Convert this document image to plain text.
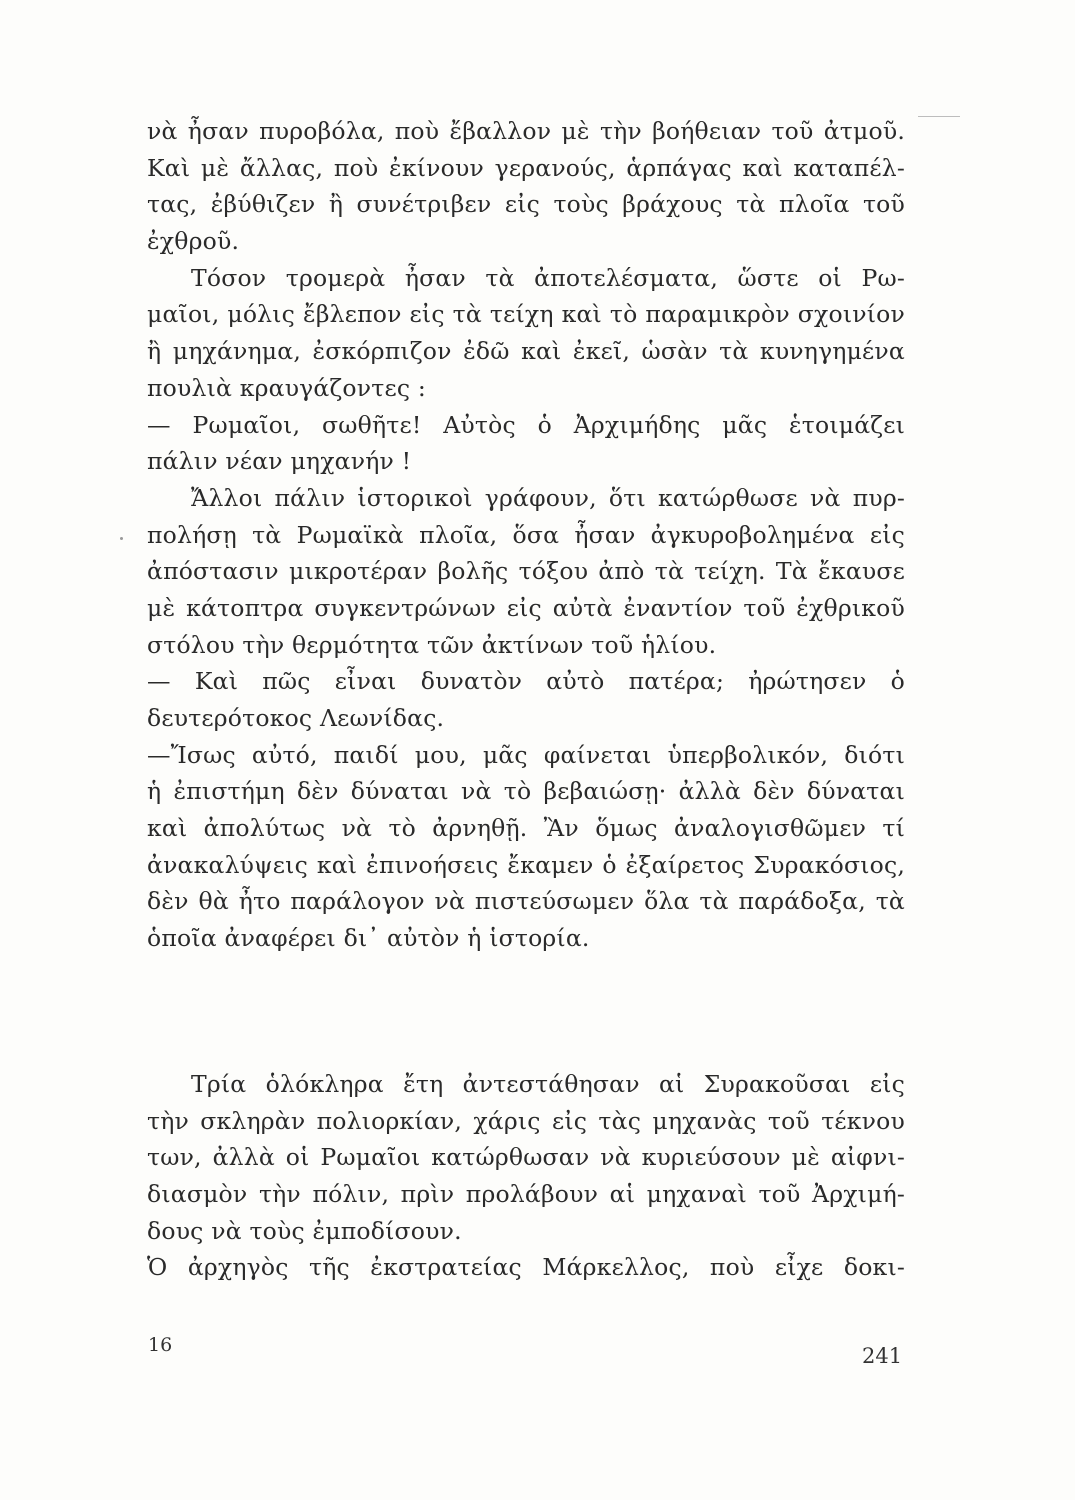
νὰ ἦσαν πυροβόλα, ποὺ ἔβαλλον μὲ τὴν βοήθειαν τοῦ ἀτμοῦ.
Καὶ μὲ ἄλλας, ποὺ ἐκίνουν γερανούς, ἁρπάγας καὶ καταπέλ-
τας, ἐβύθιζεν ἢ συνέτριβεν εἰς τοὺς βράχους τὰ πλοῖα τοῦ
ἐχθροῦ.
Τόσον τρομερὰ ἦσαν τὰ ἀποτελέσματα, ὥστε οἱ Ρω-
μαῖοι, μόλις ἔβλεπον εἰς τὰ τείχη καὶ τὸ παραμικρὸν σχοινίον
ἢ μηχάνημα, ἐσκόρπιζον ἐδῶ καὶ ἐκεῖ, ὡσὰν τὰ κυνηγημένα
πουλιὰ κραυγάζοντες :
— Ρωμαῖοι, σωθῆτε! Αὐτὸς ὁ Ἀρχιμήδης μᾶς ἑτοιμάζει
πάλιν νέαν μηχανήν !
Ἄλλοι πάλιν ἱστορικοὶ γράφουν, ὅτι κατώρθωσε νὰ πυρ-
πολήσῃ τὰ Ρωμαϊκὰ πλοῖα, ὅσα ἦσαν ἀγκυροβολημένα εἰς
ἀπόστασιν μικροτέραν βολῆς τόξου ἀπὸ τὰ τείχη. Τὰ ἔκαυσε
μὲ κάτοπτρα συγκεντρώνων εἰς αὐτὰ ἐναντίον τοῦ ἐχθρικοῦ
στόλου τὴν θερμότητα τῶν ἀκτίνων τοῦ ἡλίου.
— Καὶ πῶς εἶναι δυνατὸν αὐτὸ πατέρα; ἠρώτησεν ὁ
δευτερότοκος Λεωνίδας.
—Ἴσως αὐτό, παιδί μου, μᾶς φαίνεται ὑπερβολικόν, διότι
ἡ ἐπιστήμη δὲν δύναται νὰ τὸ βεβαιώσῃ· ἀλλὰ δὲν δύναται
καὶ ἀπολύτως νὰ τὸ ἀρνηθῇ. Ἂν ὅμως ἀναλογισθῶμεν τί
ἀνακαλύψεις καὶ ἐπινοήσεις ἔκαμεν ὁ ἐξαίρετος Συρακόσιος,
δὲν θὰ ἦτο παράλογον νὰ πιστεύσωμεν ὅλα τὰ παράδοξα, τὰ
ὁποῖα ἀναφέρει δι᾿ αὐτὸν ἡ ἱστορία.
Τρία ὁλόκληρα ἔτη ἀντεστάθησαν αἱ Συρακοῦσαι εἰς
τὴν σκληρὰν πολιορκίαν, χάρις εἰς τὰς μηχανὰς τοῦ τέκνου
των, ἀλλὰ οἱ Ρωμαῖοι κατώρθωσαν νὰ κυριεύσουν μὲ αἰφνι-
διασμὸν τὴν πόλιν, πρὶν προλάβουν αἱ μηχαναὶ τοῦ Ἀρχιμή-
δους νὰ τοὺς ἐμποδίσουν.
Ὁ ἀρχηγὸς τῆς ἐκστρατείας Μάρκελλος, ποὺ εἶχε δοκι-
16	241
